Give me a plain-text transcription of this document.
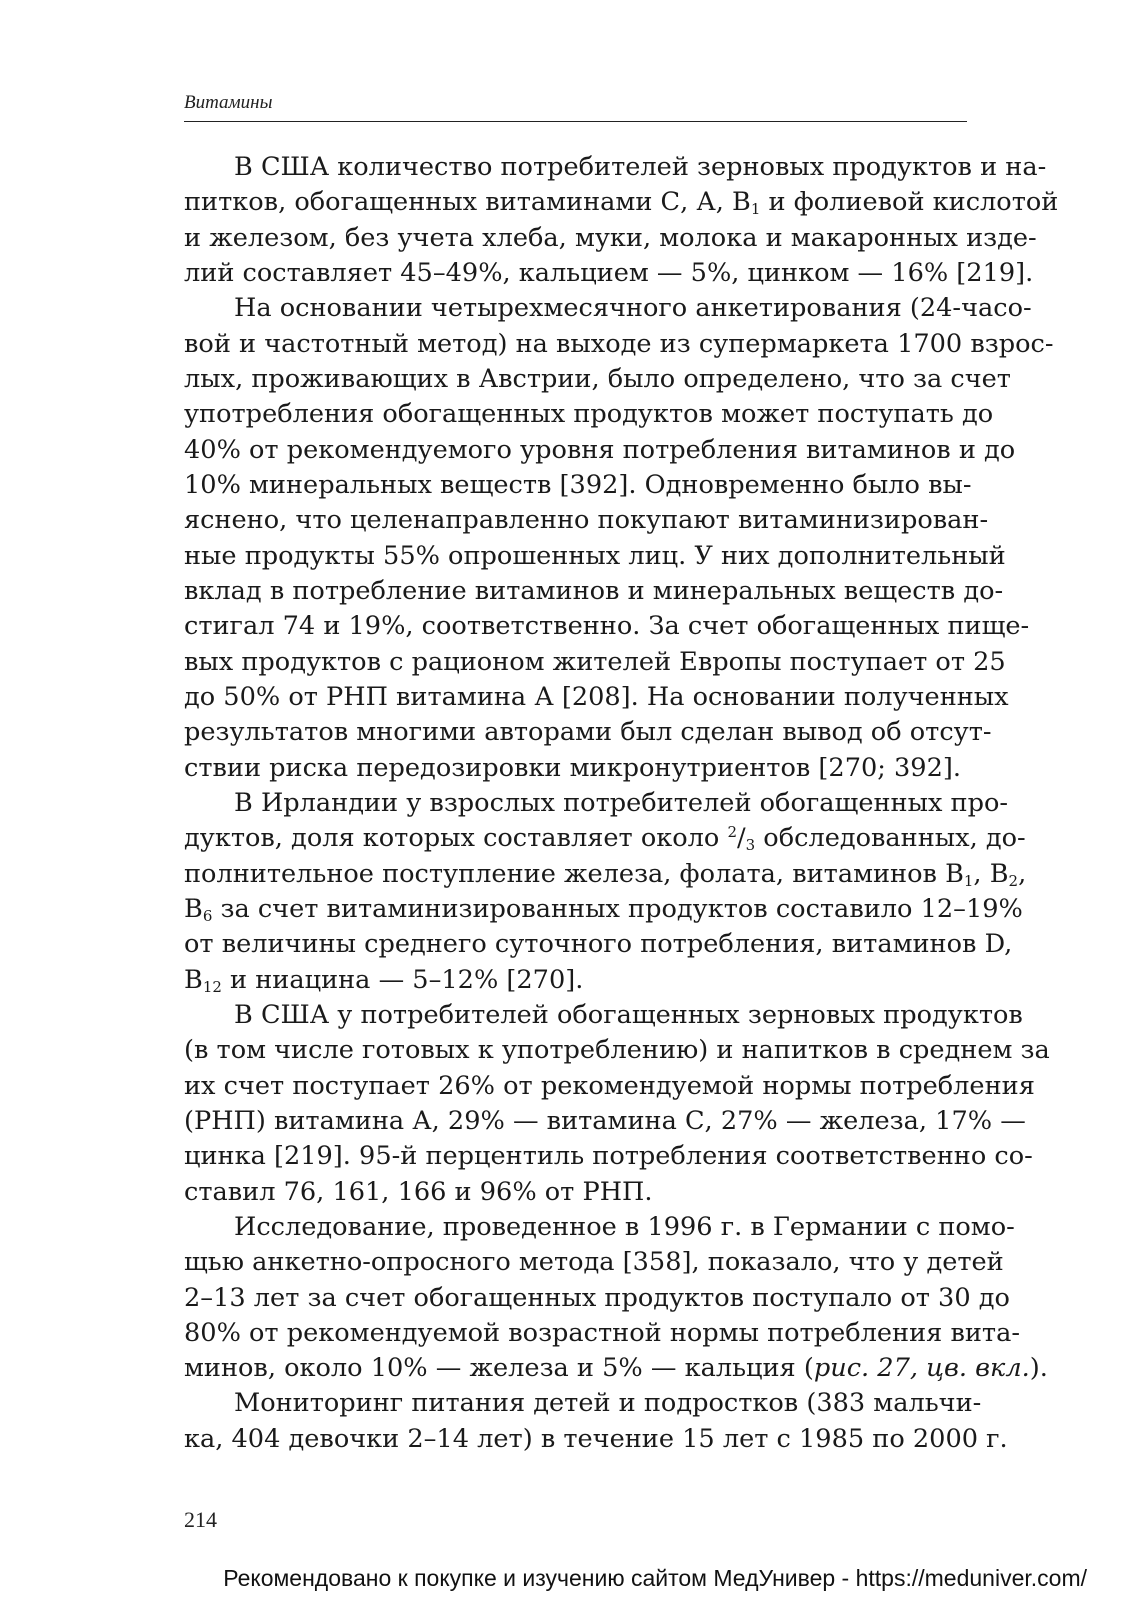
Витамины
В США количество потребителей зерновых продуктов и на-
питков, обогащенных витаминами С, А, $B_1$ и фолиевой кислотой
и железом, без учета хлеба, муки, молока и макаронных изде-
лий составляет 45–49%, кальцием — 5%, цинком — 16% [219].
На основании четырехмесячного анкетирования (24-часо-
вой и частотный метод) на выходе из супермаркета 1700 взрос-
лых, проживающих в Австрии, было определено, что за счет
употребления обогащенных продуктов может поступать до
40% от рекомендуемого уровня потребления витаминов и до
10% минеральных веществ [392]. Одновременно было вы-
яснено, что целенаправленно покупают витаминизирован-
ные продукты 55% опрошенных лиц. У них дополнительный
вклад в потребление витаминов и минеральных веществ до-
стигал 74 и 19%, соответственно. За счет обогащенных пище-
вых продуктов с рационом жителей Европы поступает от 25
до 50% от РНП витамина А [208]. На основании полученных
результатов многими авторами был сделан вывод об отсут-
ствии риска передозировки микронутриентов [270; 392].
В Ирландии у взрослых потребителей обогащенных про-
дуктов, доля которых составляет около $^2/_3$ обследованных, до-
полнительное поступление железа, фолата, витаминов $B_1$, $B_2$,
$B_6$ за счет витаминизированных продуктов составило 12–19%
от величины среднего суточного потребления, витаминов D,
$B_{12}$ и ниацина — 5–12% [270].
В США у потребителей обогащенных зерновых продуктов
(в том числе готовых к употреблению) и напитков в среднем за
их счет поступает 26% от рекомендуемой нормы потребления
(РНП) витамина А, 29% — витамина С, 27% — железа, 17% —
цинка [219]. 95-й перцентиль потребления соответственно со-
ставил 76, 161, 166 и 96% от РНП.
Исследование, проведенное в 1996 г. в Германии с помо-
щью анкетно-опросного метода [358], показало, что у детей
2–13 лет за счет обогащенных продуктов поступало от 30 до
80% от рекомендуемой возрастной нормы потребления вита-
минов, около 10% — железа и 5% — кальция (рис. 27, цв. вкл.).
Мониторинг питания детей и подростков (383 мальчи-
ка, 404 девочки 2–14 лет) в течение 15 лет с 1985 по 2000 г.
214
Рекомендовано к покупке и изучению сайтом МедУнивер - https://meduniver.com/
